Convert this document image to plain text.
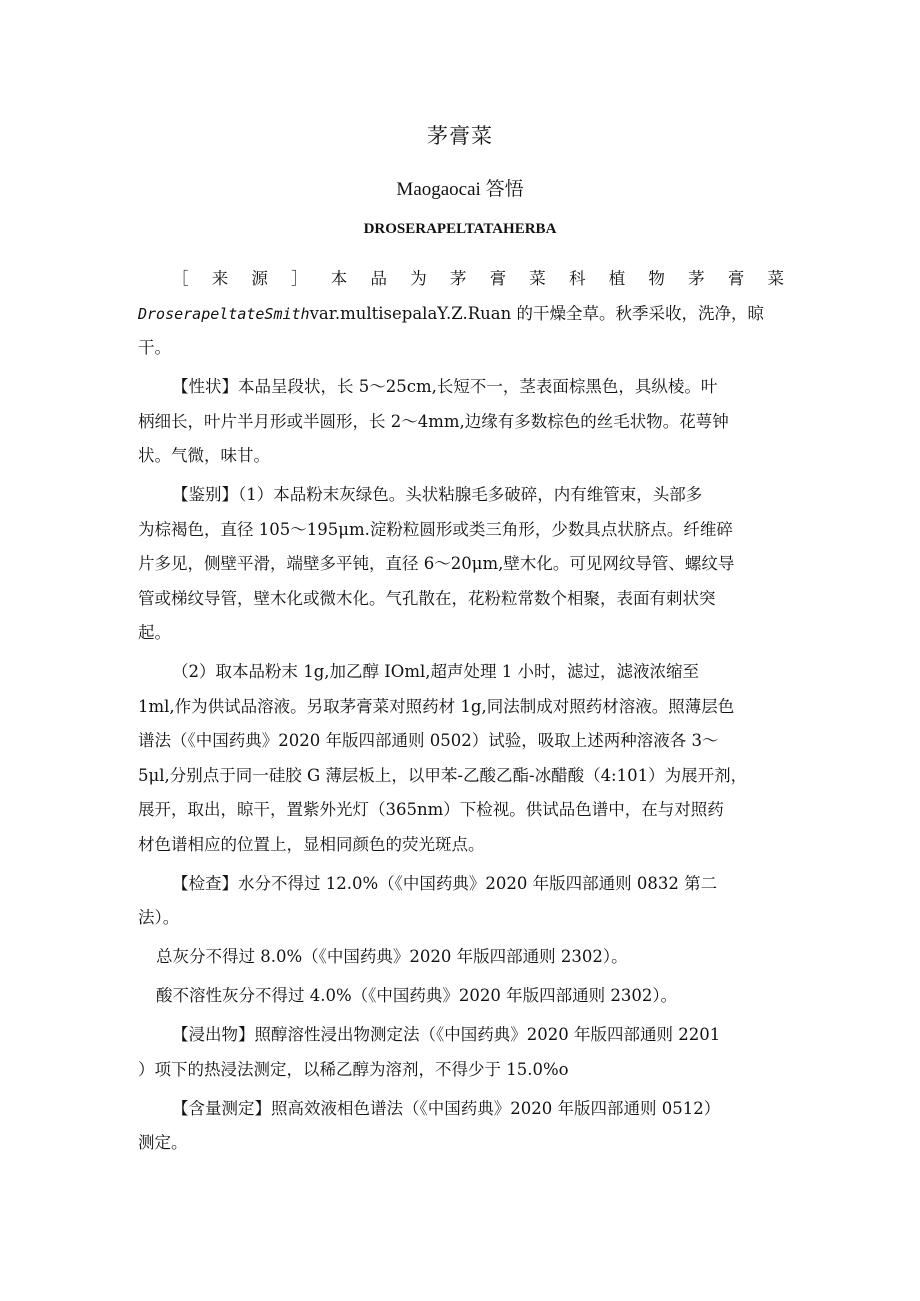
茅膏菜
Maogaocai 答悟
DROSERAPELTATAHERBA
［来源］本品为茅膏菜科植物茅膏菜
DroserapeltateSmithvar.multisepalaY.Z.Ruan 的干燥全草。秋季采收，洗净，晾
干。
【性状】本品呈段状，长 5～25cm,长短不一，茎表面棕黑色，具纵棱。叶
柄细长，叶片半月形或半圆形，长 2～4mm,边缘有多数棕色的丝毛状物。花萼钟
状。气微，味甘。
【鉴别】（1）本品粉末灰绿色。头状粘腺毛多破碎，内有维管束，头部多
为棕褐色，直径 105～195μm.淀粉粒圆形或类三角形，少数具点状脐点。纤维碎
片多见，侧壁平滑，端壁多平钝，直径 6～20μm,壁木化。可见网纹导管、螺纹导
管或梯纹导管，壁木化或微木化。气孔散在，花粉粒常数个相聚，表面有刺状突
起。
（2）取本品粉末 1g,加乙醇 IOml,超声处理 1 小时，滤过，滤液浓缩至
1ml,作为供试品溶液。另取茅膏菜对照药材 1g,同法制成对照药材溶液。照薄层色
谱法（《中国药典》2020 年版四部通则 0502）试验，吸取上述两种溶液各 3～
5μl,分别点于同一硅胶 G 薄层板上，以甲苯-乙酸乙酯-冰醋酸（4:101）为展开剂，
展开，取出，晾干，置紫外光灯（365nm）下检视。供试品色谱中，在与对照药
材色谱相应的位置上，显相同颜色的荧光斑点。
【检查】水分不得过 12.0%（《中国药典》2020 年版四部通则 0832 第二
法）。
总灰分不得过 8.0%（《中国药典》2020 年版四部通则 2302）。
酸不溶性灰分不得过 4.0%（《中国药典》2020 年版四部通则 2302）。
【浸出物】照醇溶性浸出物测定法（《中国药典》2020 年版四部通则 2201
）项下的热浸法测定，以稀乙醇为溶剂，不得少于 15.0%o
【含量测定】照高效液相色谱法（《中国药典》2020 年版四部通则 0512）
测定。
